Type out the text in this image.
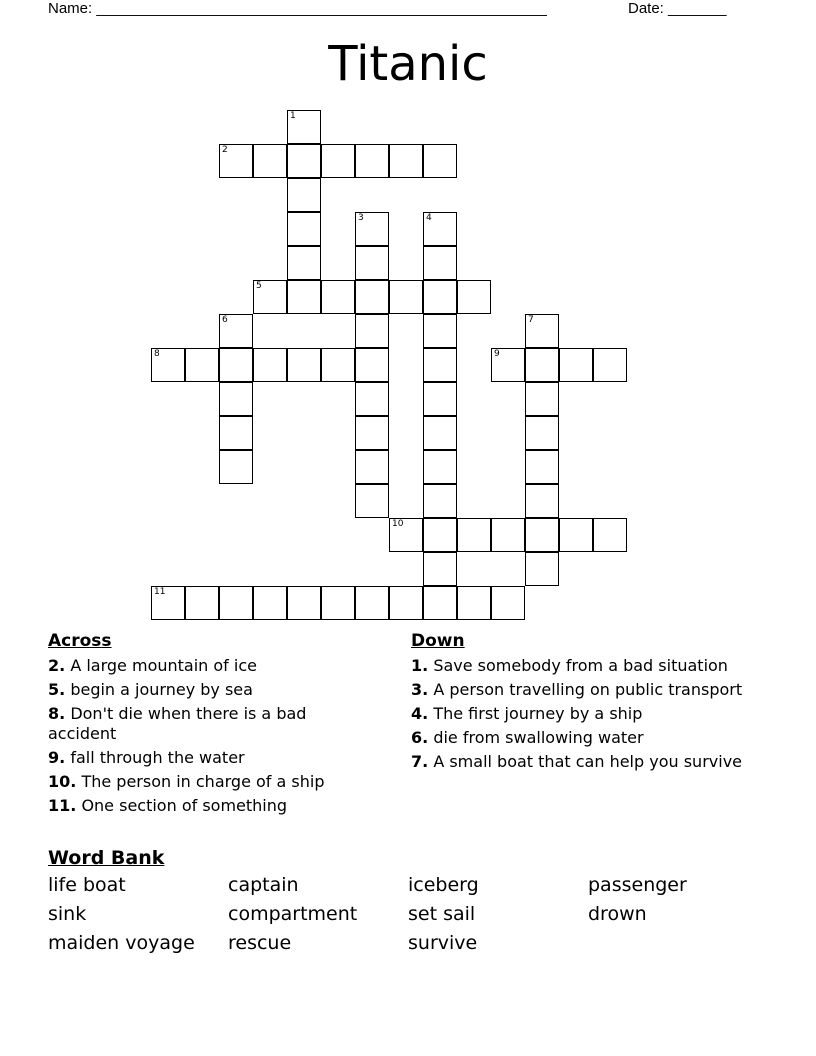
Name: ______________________________________________________	Date: _______
Titanic
1
2
3	4
5
6	7
8	9
10
11
Across
2. A large mountain of ice
5. begin a journey by sea
8. Don't die when there is a bad accident
9. fall through the water
10. The person in charge of a ship
11. One section of something
Down
1. Save somebody from a bad situation
3. A person travelling on public transport
4. The first journey by a ship
6. die from swallowing water
7. A small boat that can help you survive
Word Bank
life boat	captain	iceberg	passenger
sink	compartment	set sail	drown
maiden voyage	rescue	survive
